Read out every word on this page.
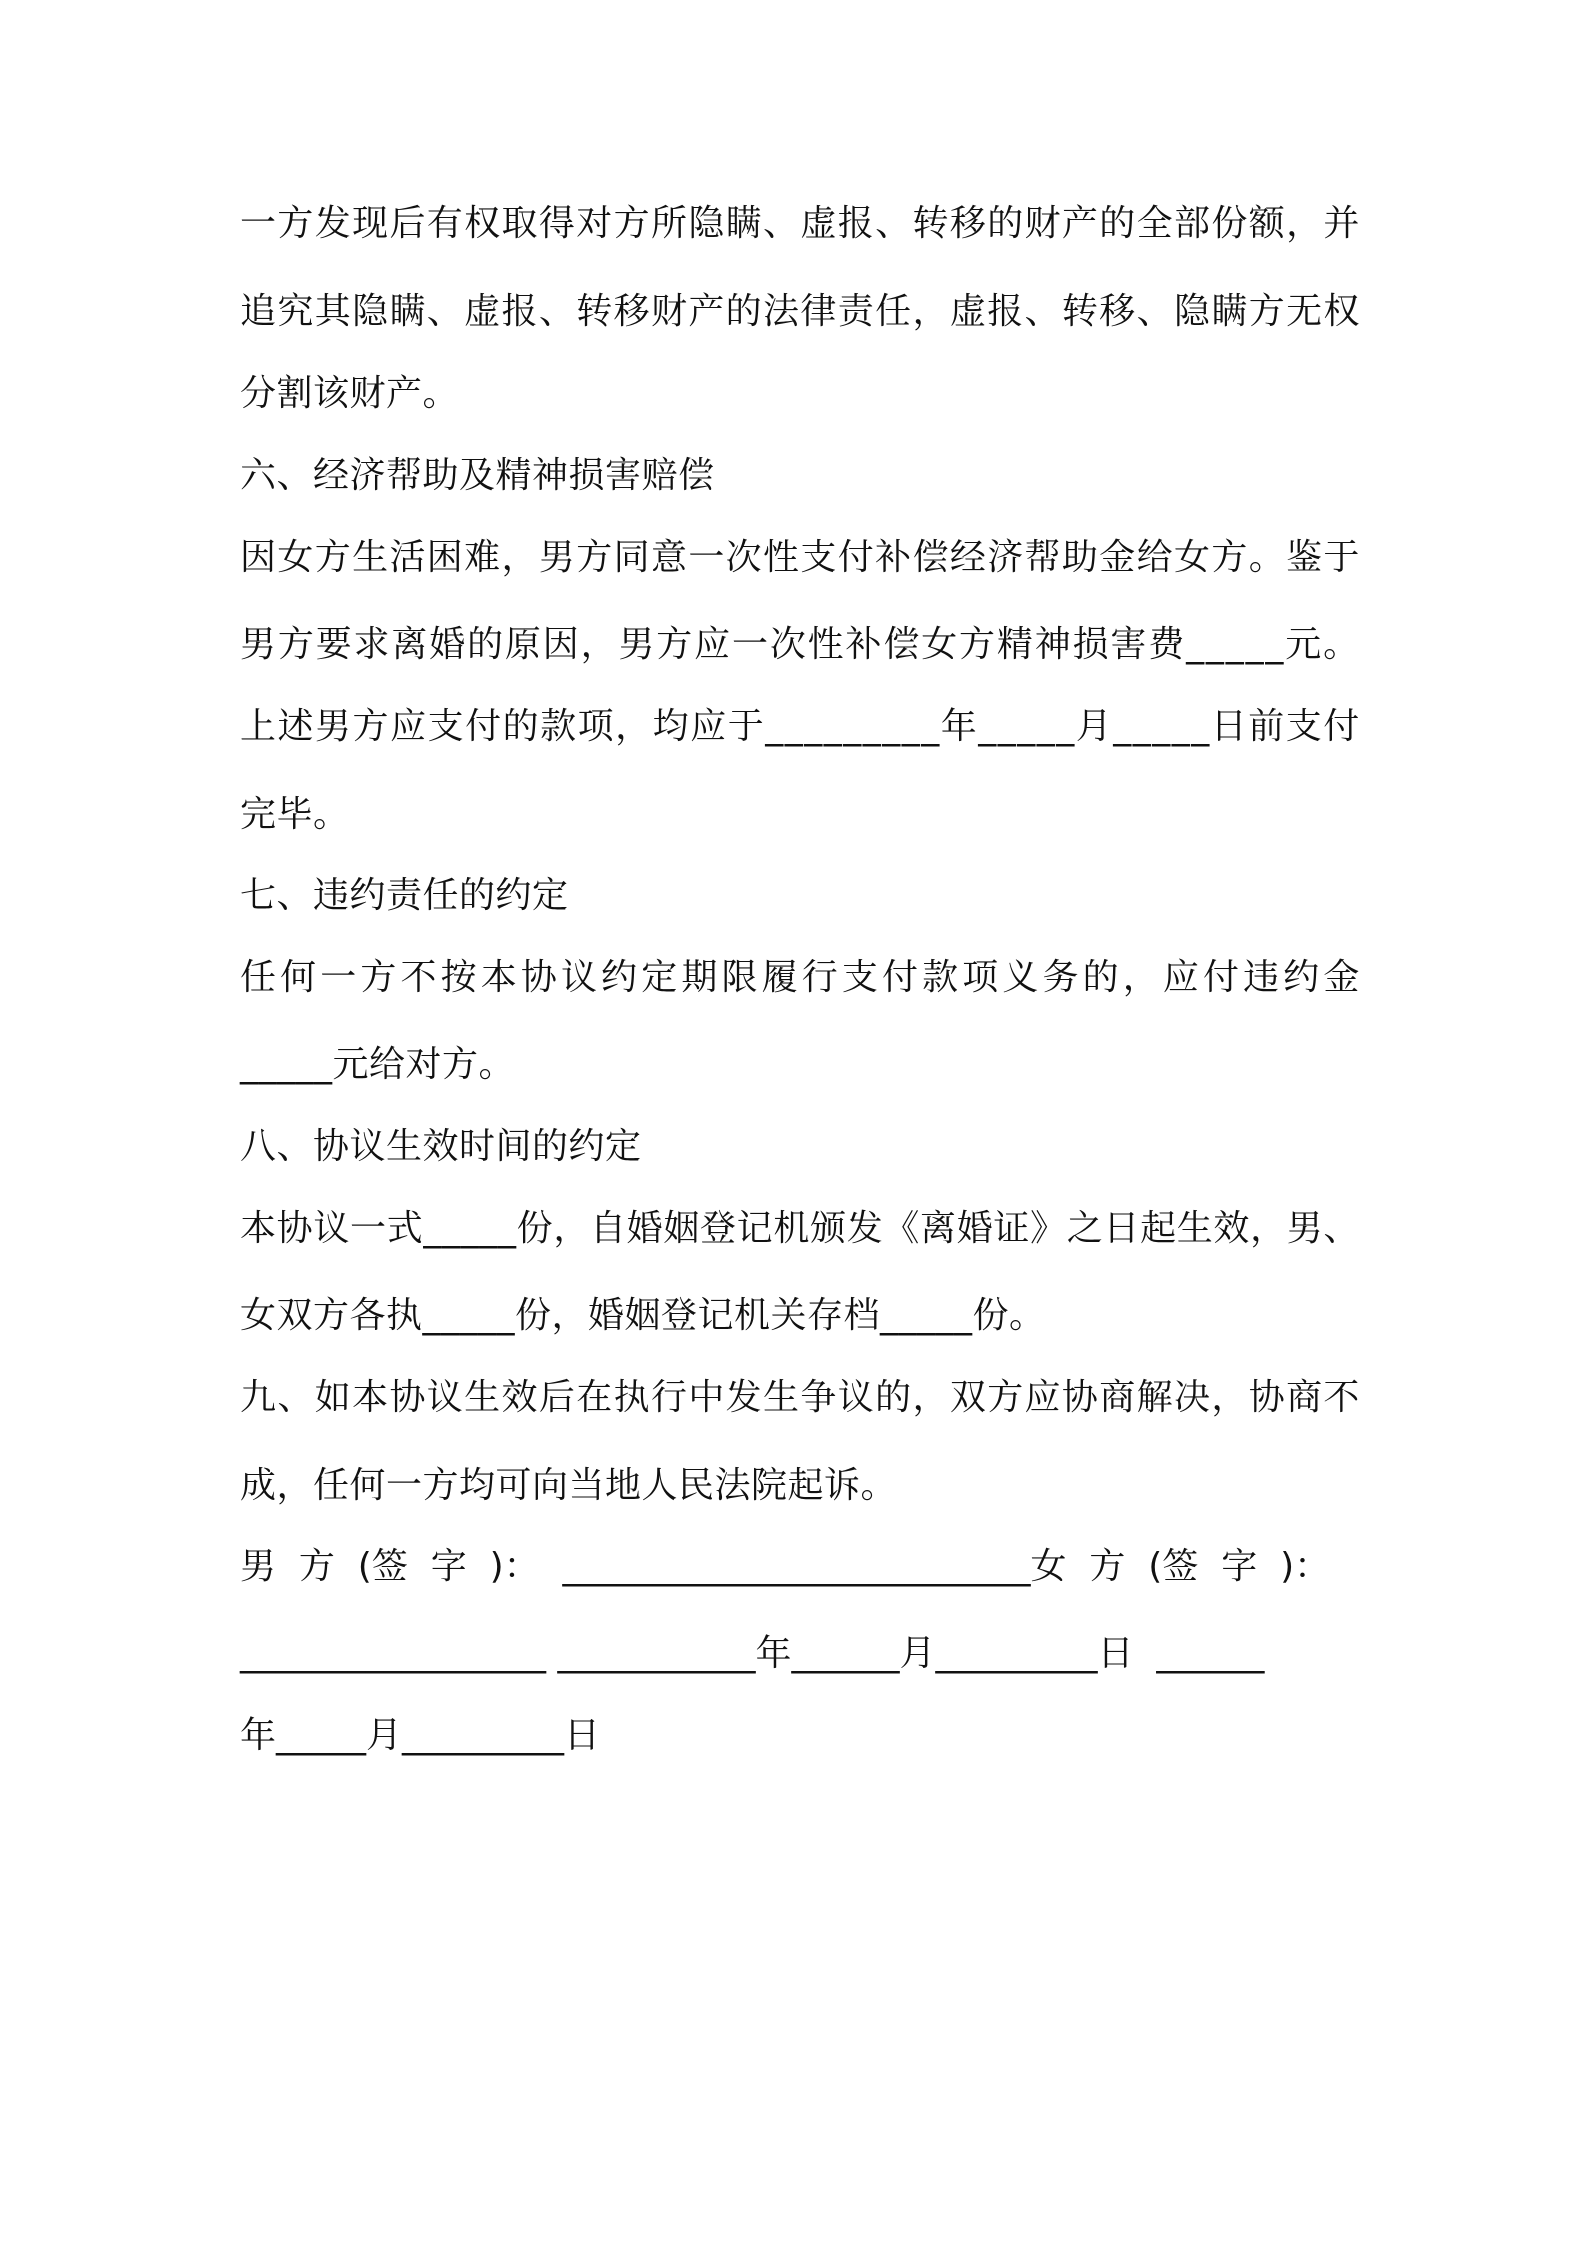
一 方 发 现 后 有 权 取 得 对 方 所 隐 瞒 、 虚 报 、 转 移 的 财 产 的 全 部 份 额 ， 并
追 究 其 隐 瞒 、 虚 报 、 转 移 财 产 的 法 律 责 任 ， 虚 报 、 转 移 、 隐 瞒 方 无 权
分割该财产。
六、经济帮助及精神损害赔偿
因 女 方 生 活 困 难 ， 男 方 同 意 一 次 性 支 付 补 偿 经 济 帮 助 金 给 女 方 。 鉴 于
男 方 要 求 离 婚 的 原 因 ， 男 方 应 一 次 性 补 偿 女 方 精 神 损 害 费 _ _ _ _ _ 元 。
上 述 男 方 应 支 付 的 款 项 ， 均 应 于 _ _ _ _ _ _ _ _ _ 年 _ _ _ _ _ 月 _ _ _ _ _ 日 前 支 付
完毕。
七、违约责任的约定
任 何 一 方 不 按 本 协 议 约 定 期 限 履 行 支 付 款 项 义 务 的 ， 应 付 违 约 金
_____元给对方。
八、协议生效时间的约定
本 协 议 一 式 _ _ _ _ _ 份 ， 自 婚 姻 登 记 机 颁 发 《 离 婚 证 》 之 日 起 生 效 ， 男 、
女双方各执_____份，婚姻登记机关存档_____份。
九 、 如 本 协 议 生 效 后 在 执 行 中 发 生 争 议 的 ， 双 方 应 协 商 解 决 ， 协 商 不
成，任何一方均可向当地人民法院起诉。
男  方  (签  字  )：  __________________________女  方  (签  字  )：
_________________ ___________年______月_________日  ______
年_____月_________日
